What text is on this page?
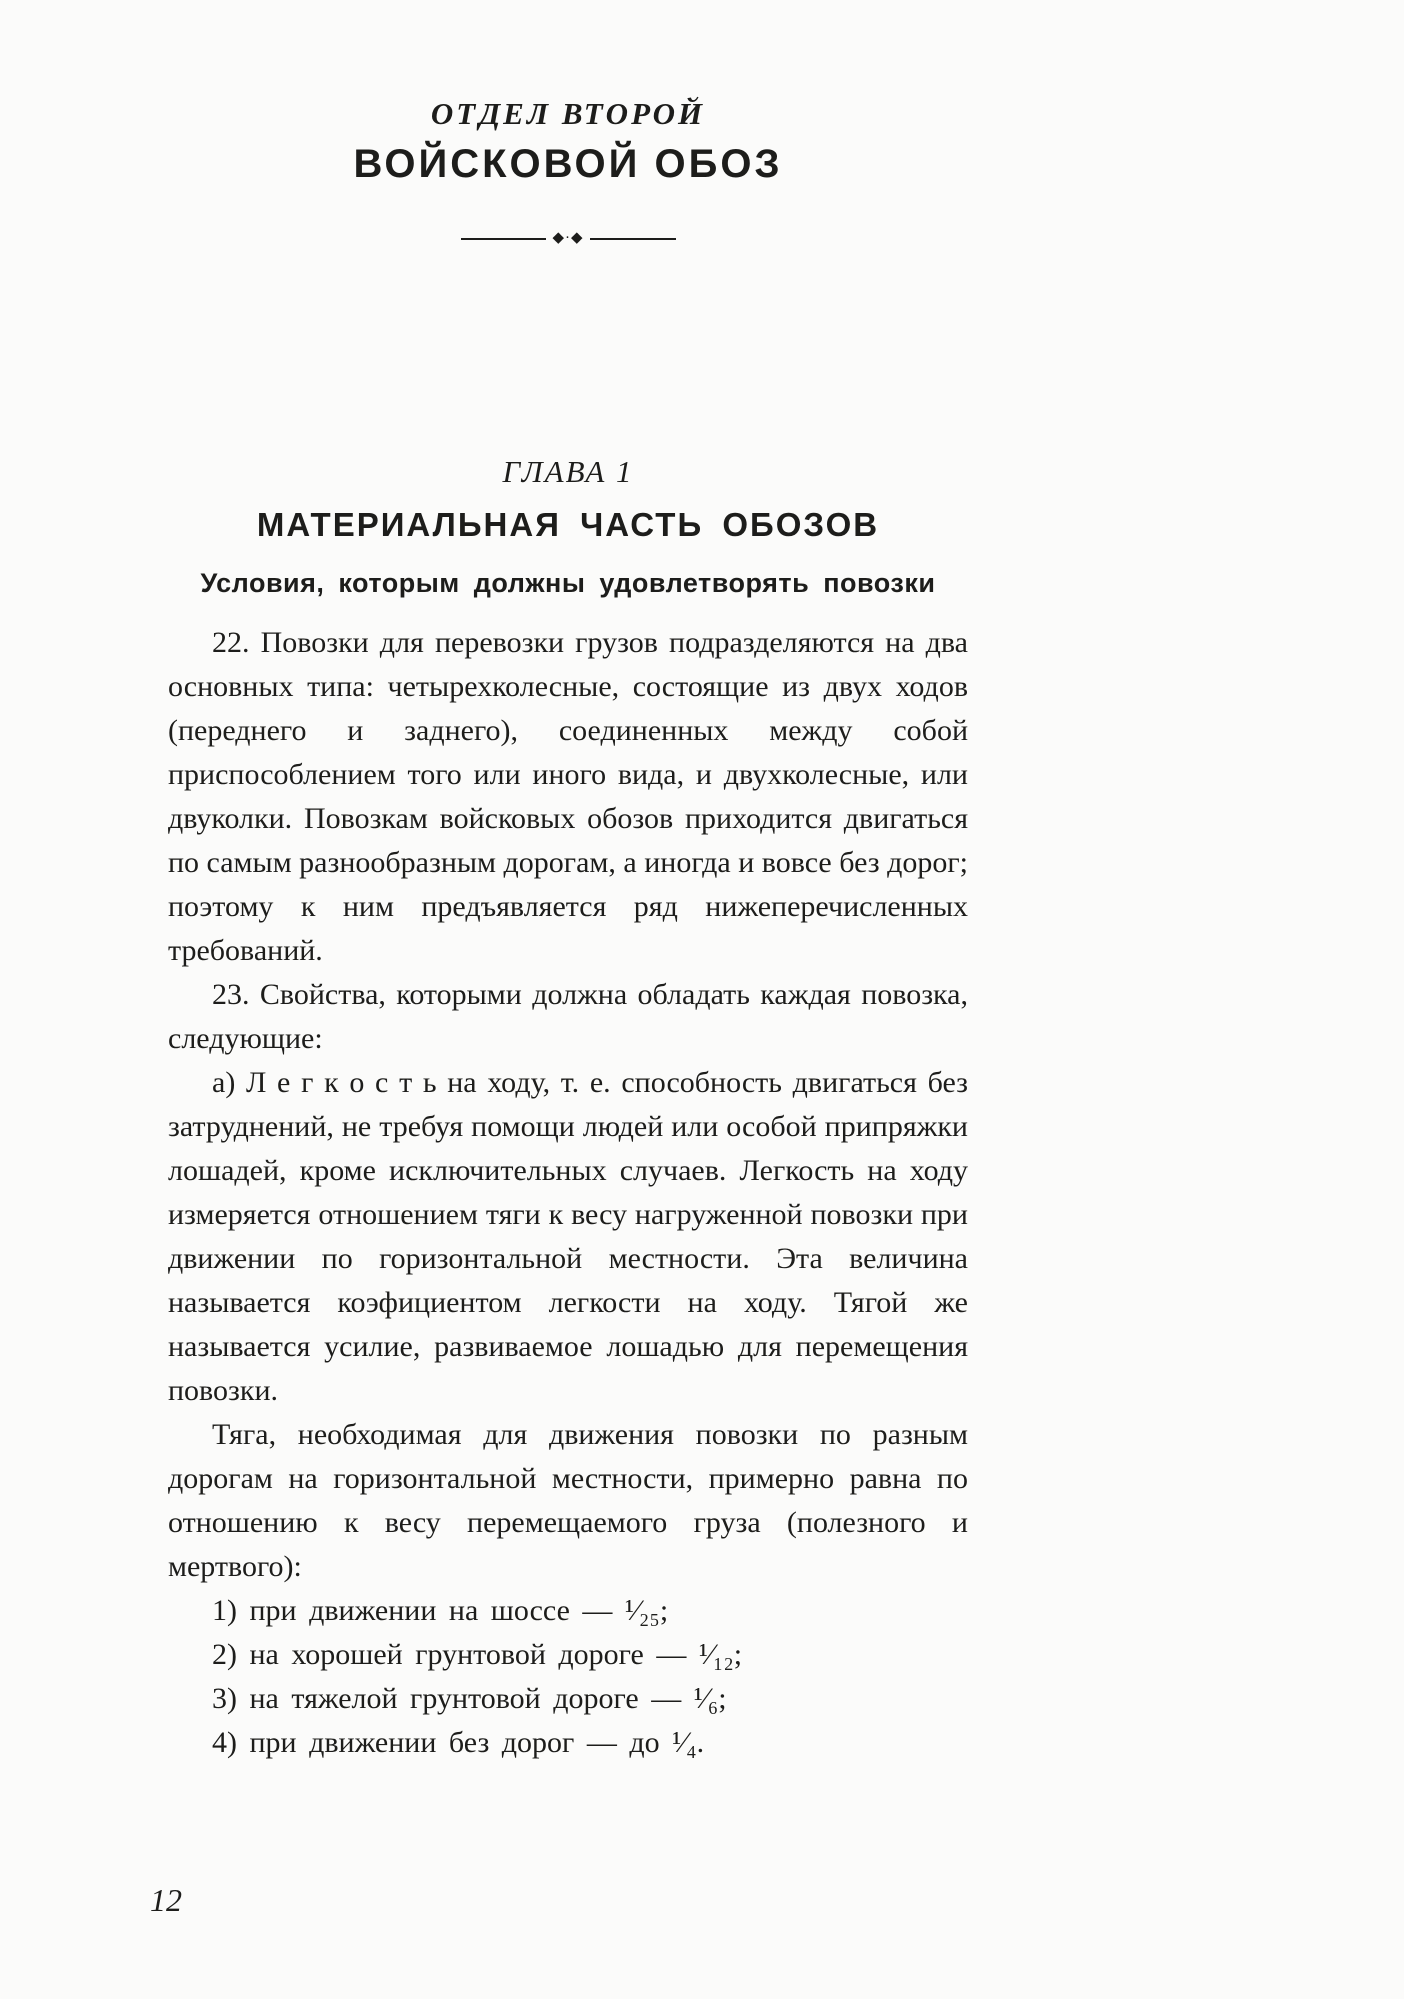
ОТДЕЛ ВТОРОЙ
ВОЙСКОВОЙ ОБОЗ
◆·◆
ГЛАВА 1
МАТЕРИАЛЬНАЯ ЧАСТЬ ОБОЗОВ
Условия, которым должны удовлетворять повозки

22. Повозки для перевозки грузов подразделяются на два основных типа: четырехколесные, состоящие из двух ходов (переднего и заднего), соединенных между собой приспособлением того или иного вида, и двухколесные, или двуколки. Повозкам войсковых обозов приходится двигаться по самым разнообразным дорогам, а иногда и вовсе без дорог; поэтому к ним предъявляется ряд нижеперечисленных требований.

23. Свойства, которыми должна обладать каждая повозка, следующие:

а) Л е г к о с т ь на ходу, т. е. способность двигаться без затруднений, не требуя помощи людей или особой припряжки лошадей, кроме исключительных случаев. Легкость на ходу измеряется отношением тяги к весу нагруженной повозки при движении по горизонтальной местности. Эта величина называется коэфициентом легкости на ходу. Тягой же называется усилие, развиваемое лошадью для перемещения повозки.

Тяга, необходимая для движения повозки по разным дорогам на горизонтальной местности, примерно равна по отношению к весу перемещаемого груза (полезного и мертвого):

1) при движении на шоссе — ¹⁄₂₅;
2) на хорошей грунтовой дороге — ¹⁄₁₂;
3) на тяжелой грунтовой дороге — ¹⁄₆;
4) при движении без дорог — до ¹⁄₄.
12
